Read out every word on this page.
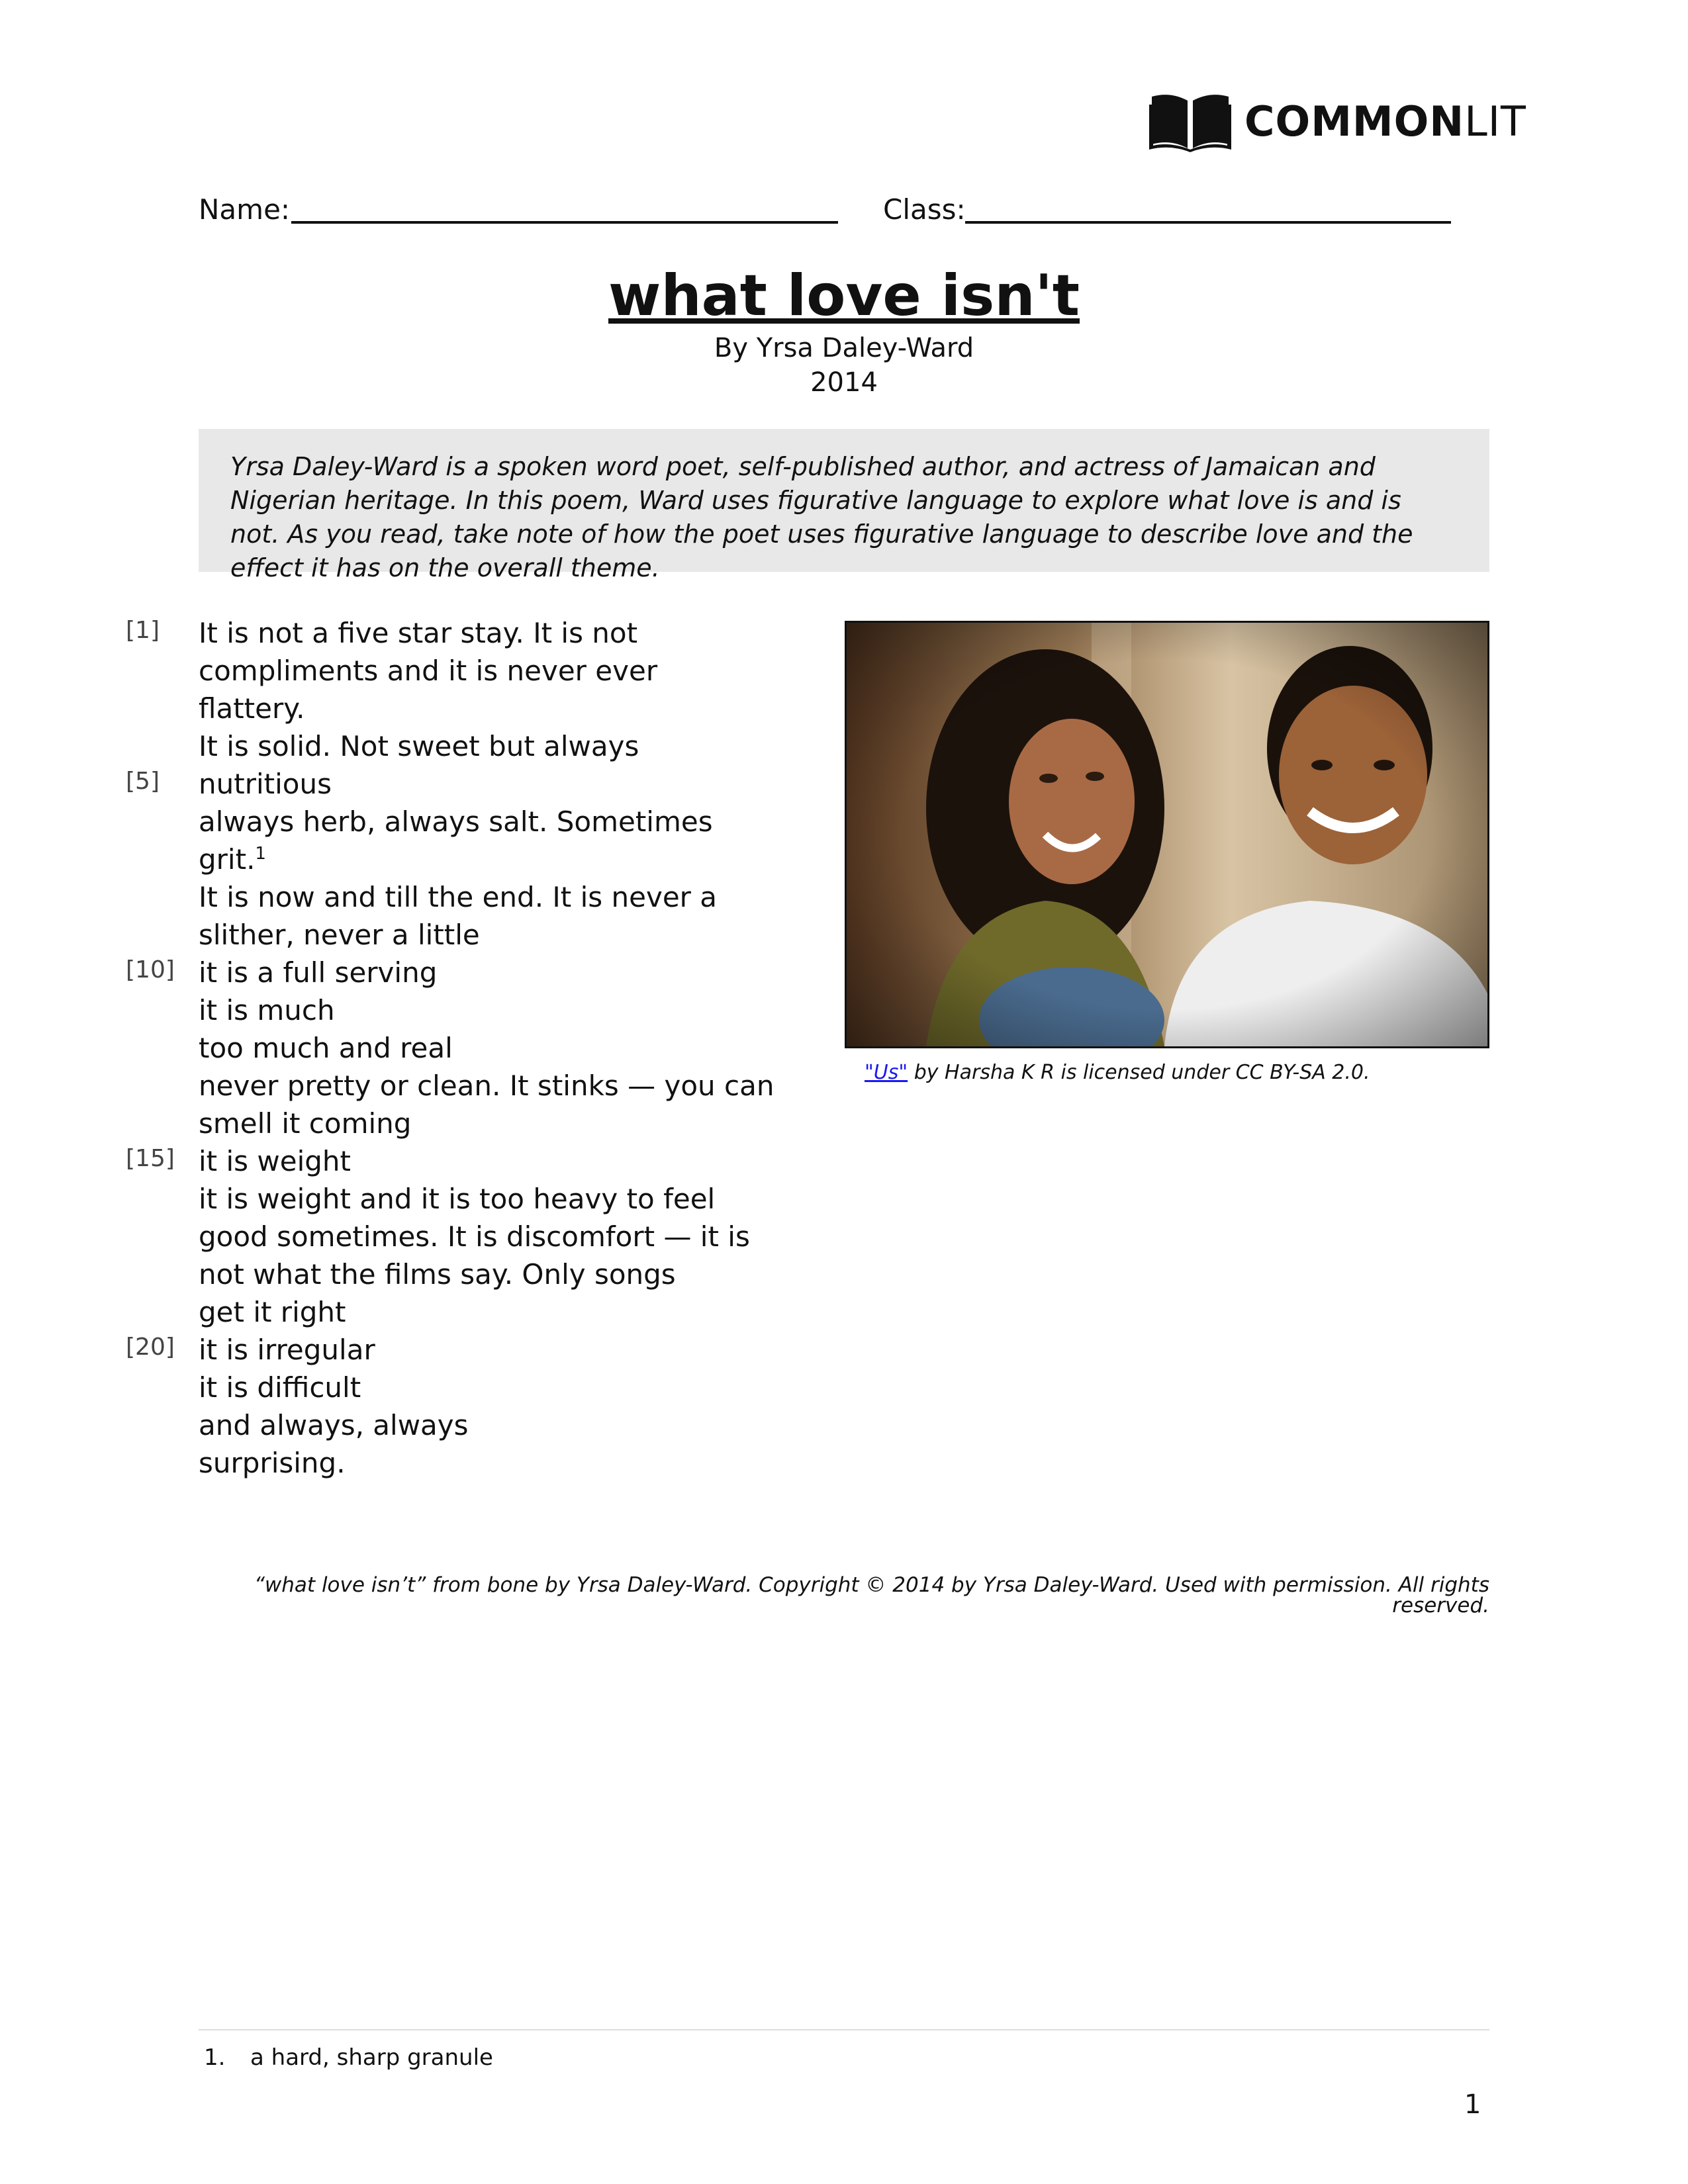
COMMONLIT
Name:	Class:
what love isn't
By Yrsa Daley-Ward
2014
Yrsa Daley-Ward is a spoken word poet, self-published author, and actress of Jamaican and Nigerian heritage. In this poem, Ward uses figurative language to explore what love is and is not. As you read, take note of how the poet uses figurative language to describe love and the effect it has on the overall theme.
[1] It is not a five star stay. It is not
compliments and it is never ever
flattery.
It is solid. Not sweet but always
[5] nutritious
always herb, always salt. Sometimes
grit.$^1$
It is now and till the end. It is never a
slither, never a little
[10] it is a full serving
it is much
too much and real
never pretty or clean. It stinks — you can
smell it coming
[15] it is weight
it is weight and it is too heavy to feel
good sometimes. It is discomfort — it is
not what the films say. Only songs
get it right
[20] it is irregular
it is difficult
and always, always
surprising.
"Us" by Harsha K R is licensed under CC BY-SA 2.0.
“what love isn’t” from bone by Yrsa Daley-Ward. Copyright © 2014 by Yrsa Daley-Ward. Used with permission. All rights reserved.
1. a hard, sharp granule
1
